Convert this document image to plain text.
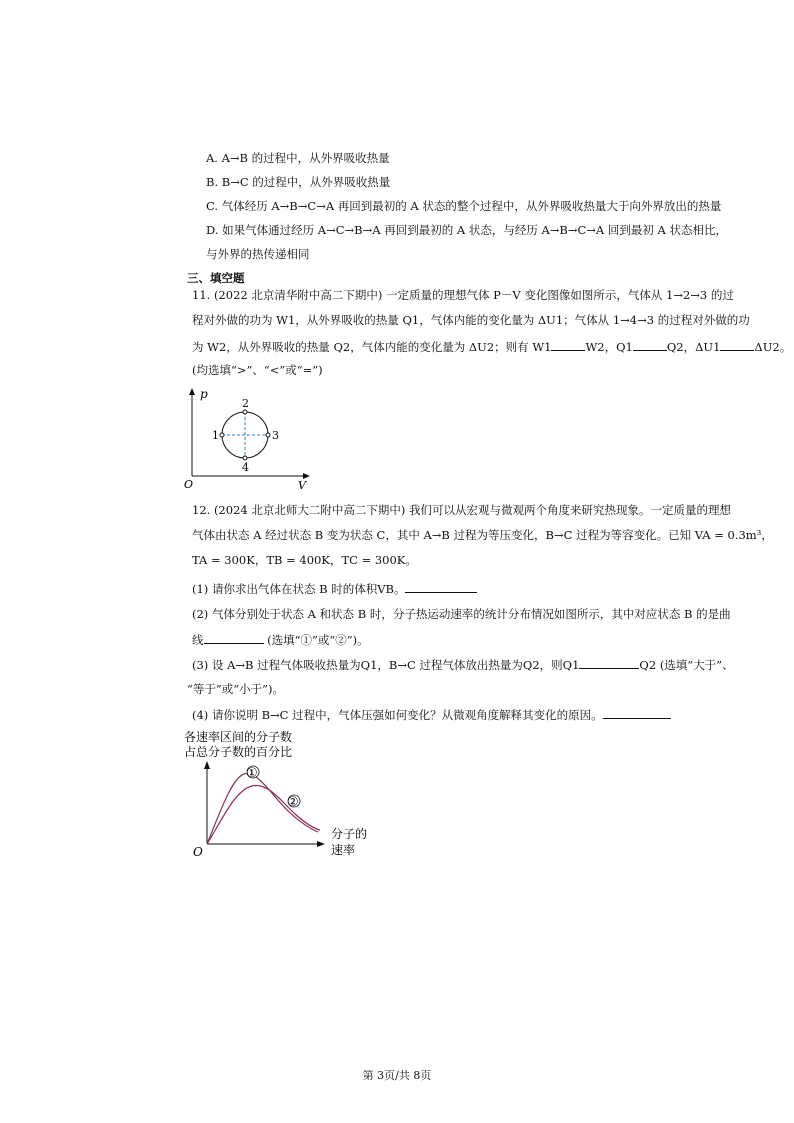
A. A→B 的过程中，从外界吸收热量
B. B→C 的过程中，从外界吸收热量
C. 气体经历 A→B→C→A 再回到最初的 A 状态的整个过程中，从外界吸收热量大于向外界放出的热量
D. 如果气体通过经历 A→C→B→A 再回到最初的 A 状态，与经历 A→B→C→A 回到最初 A 状态相比，
与外界的热传递相同
三、填空题
11. (2022 北京清华附中高二下期中) 一定质量的理想气体 P－V 变化图像如图所示，气体从 1→2→3 的过
程对外做的功为 W1，从外界吸收的热量 Q1，气体内能的变化量为 ΔU1；气体从 1→4→3 的过程对外做的功
为 W2，从外界吸收的热量 Q2，气体内能的变化量为 ΔU2；则有 W1	W2，Q1	Q2，ΔU1	ΔU2。
(均选填“>”、“<”或“=”)
p
V
O
1
2
3
4
12. (2024 北京北师大二附中高二下期中) 我们可以从宏观与微观两个角度来研究热现象。一定质量的理想
气体由状态 A 经过状态 B 变为状态 C，其中 A→B 过程为等压变化，B→C 过程为等容变化。已知 VA = 0.3m³，
TA = 300K，TB = 400K，TC = 300K。
(1) 请你求出气体在状态 B 时的体积VB。
(2) 气体分别处于状态 A 和状态 B 时，分子热运动速率的统计分布情况如图所示，其中对应状态 B 的是曲
线	(选填“①”或“②”)。
(3) 设 A→B 过程气体吸收热量为Q1，B→C 过程气体放出热量为Q2，则Q1	Q2 (选填“大于”、
“等于”或“小于”)。
(4) 请你说明 B→C 过程中，气体压强如何变化？从微观角度解释其变化的原因。
各速率区间的分子数
占总分子数的百分比
O
①
②
分子的
速率
第 3页/共 8页
